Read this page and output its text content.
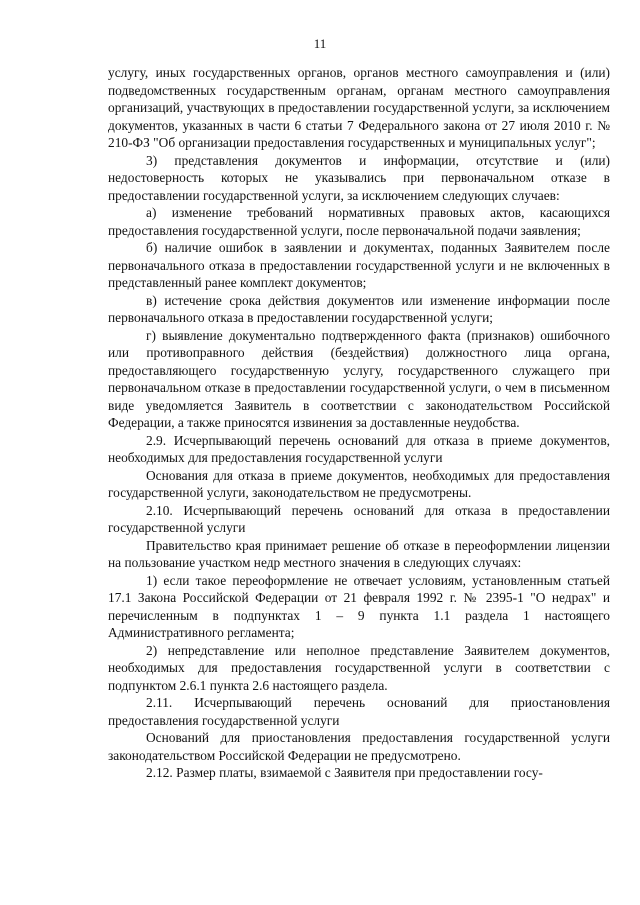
11

услугу, иных государственных органов, органов местного самоуправления и (или) подведомственных государственным органам, органам местного самоуправления организаций, участвующих в предоставлении государственной услуги, за исключением документов, указанных в части 6 статьи 7 Федерального закона от 27 июля 2010 г. № 210-ФЗ "Об организации предоставления государственных и муниципальных услуг";

3) представления документов и информации, отсутствие и (или) недостоверность которых не указывались при первоначальном отказе в предоставлении государственной услуги, за исключением следующих случаев:

а) изменение требований нормативных правовых актов, касающихся предоставления государственной услуги, после первоначальной подачи заявления;

б) наличие ошибок в заявлении и документах, поданных Заявителем после первоначального отказа в предоставлении государственной услуги и не включенных в представленный ранее комплект документов;

в) истечение срока действия документов или изменение информации после первоначального отказа в предоставлении государственной услуги;

г) выявление документально подтвержденного факта (признаков) ошибочного или противоправного действия (бездействия) должностного лица органа, предоставляющего государственную услугу, государственного служащего при первоначальном отказе в предоставлении государственной услуги, о чем в письменном виде уведомляется Заявитель в соответствии с законодательством Российской Федерации, а также приносятся извинения за доставленные неудобства.

2.9. Исчерпывающий перечень оснований для отказа в приеме документов, необходимых для предоставления государственной услуги

Основания для отказа в приеме документов, необходимых для предоставления государственной услуги, законодательством не предусмотрены.

2.10. Исчерпывающий перечень оснований для отказа в предоставлении государственной услуги

Правительство края принимает решение об отказе в переоформлении лицензии на пользование участком недр местного значения в следующих случаях:

1) если такое переоформление не отвечает условиям, установленным статьей 17.1 Закона Российской Федерации от 21 февраля 1992 г. № 2395-1 "О недрах" и перечисленным в подпунктах 1 – 9 пункта 1.1 раздела 1 настоящего Административного регламента;

2) непредставление или неполное представление Заявителем документов, необходимых для предоставления государственной услуги в соответствии с подпунктом 2.6.1 пункта 2.6 настоящего раздела.

2.11. Исчерпывающий перечень оснований для приостановления предоставления государственной услуги

Оснований для приостановления предоставления государственной услуги законодательством Российской Федерации не предусмотрено.

2.12. Размер платы, взимаемой с Заявителя при предоставлении госу-
